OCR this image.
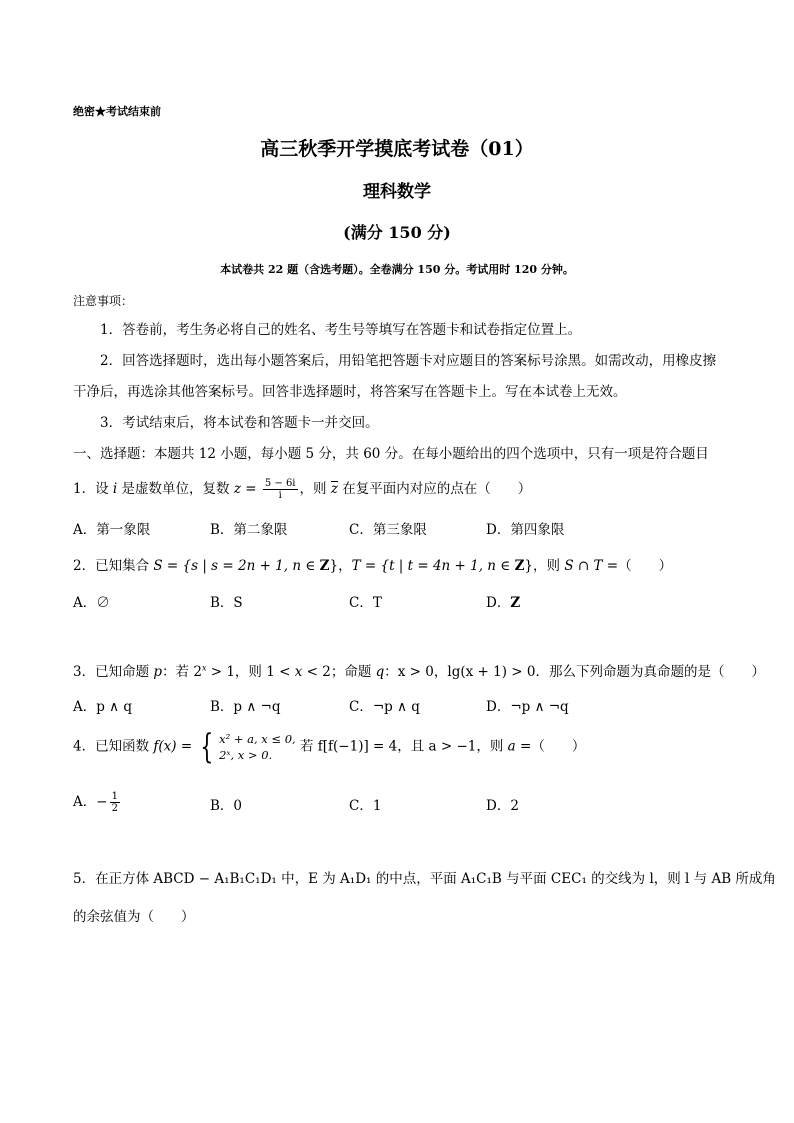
绝密★考试结束前
高三秋季开学摸底考试卷（01）
理科数学
(满分 150 分)
本试卷共 22 题（含选考题）。全卷满分 150 分。考试用时 120 分钟。
注意事项：
1．答卷前，考生务必将自己的姓名、考生号等填写在答题卡和试卷指定位置上。
2．回答选择题时，选出每小题答案后，用铅笔把答题卡对应题目的答案标号涂黑。如需改动，用橡皮擦干净后，再选涂其他答案标号。回答非选择题时，将答案写在答题卡上。写在本试卷上无效。
3．考试结束后，将本试卷和答题卡一并交回。
一、选择题：本题共 12 小题，每小题 5 分，共 60 分。在每小题给出的四个选项中，只有一项是符合题目
1．设 i 是虚数单位，复数 $z = \frac{5 - 6i}{i}$ ，则 z 在复平面内对应的点在（　　）
A．第一象限	B．第二象限	C．第三象限	D．第四象限
2．已知集合 S = {s | s = 2n + 1, n ∈ Z}，T = {t | t = 4n + 1, n ∈ Z}，则 S ∩ T =（　　）
A．∅	B．S	C．T	D．Z
3．已知命题 p：若 $2^x > 1$，则 1 < x < 2；命题 q：x > 0，lg(x + 1) > 0．那么下列命题为真命题的是（　　）
A．p ∧ q	B．p ∧ ¬q	C．¬p ∧ q	D．¬p ∧ ¬q
4．已知函数 f(x) = { x² + a, x ≤ 0,
2ˣ, x > 0.
若 f[f(−1)] = 4，且 a > −1，则 a =（　　）
A．− $\frac{1}{2}$	B．0	C．1	D．2
5．在正方体 ABCD − A₁B₁C₁D₁ 中，E 为 A₁D₁ 的中点，平面 A₁C₁B 与平面 CEC₁ 的交线为 l，则 l 与 AB 所成角
的余弦值为（　　）
